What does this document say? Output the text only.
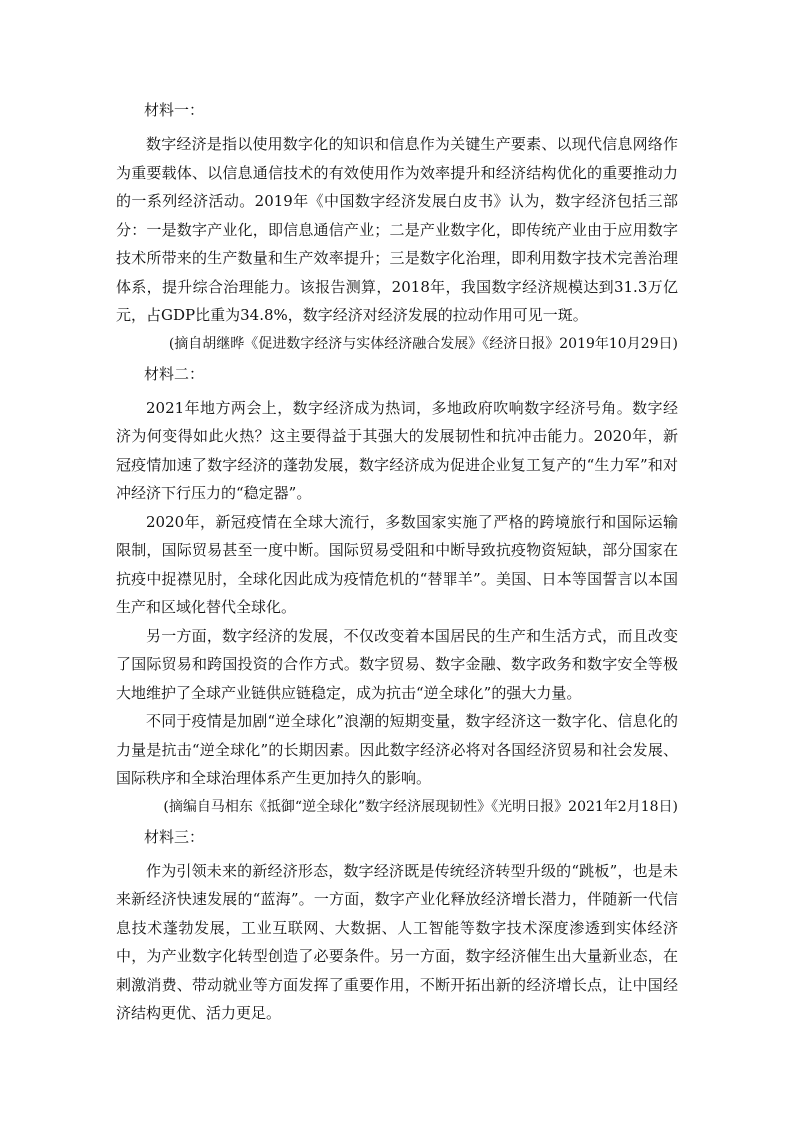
材料一：

数字经济是指以使用数字化的知识和信息作为关键生产要素、以现代信息网络作为重要载体、以信息通信技术的有效使用作为效率提升和经济结构优化的重要推动力的一系列经济活动。2019年《中国数字经济发展白皮书》认为，数字经济包括三部分：一是数字产业化，即信息通信产业；二是产业数字化，即传统产业由于应用数字技术所带来的生产数量和生产效率提升；三是数字化治理，即利用数字技术完善治理体系，提升综合治理能力。该报告测算，2018年，我国数字经济规模达到31.3万亿元，占GDP比重为34.8%，数字经济对经济发展的拉动作用可见一斑。

(摘自胡继晔《促进数字经济与实体经济融合发展》《经济日报》2019年10月29日)

材料二：

2021年地方两会上，数字经济成为热词，多地政府吹响数字经济号角。数字经济为何变得如此火热？这主要得益于其强大的发展韧性和抗冲击能力。2020年，新冠疫情加速了数字经济的蓬勃发展，数字经济成为促进企业复工复产的“生力军”和对冲经济下行压力的“稳定器”。

2020年，新冠疫情在全球大流行，多数国家实施了严格的跨境旅行和国际运输限制，国际贸易甚至一度中断。国际贸易受阻和中断导致抗疫物资短缺，部分国家在抗疫中捉襟见肘，全球化因此成为疫情危机的“替罪羊”。美国、日本等国誓言以本国生产和区域化替代全球化。

另一方面，数字经济的发展，不仅改变着本国居民的生产和生活方式，而且改变了国际贸易和跨国投资的合作方式。数字贸易、数字金融、数字政务和数字安全等极大地维护了全球产业链供应链稳定，成为抗击“逆全球化”的强大力量。

不同于疫情是加剧“逆全球化”浪潮的短期变量，数字经济这一数字化、信息化的力量是抗击“逆全球化”的长期因素。因此数字经济必将对各国经济贸易和社会发展、国际秩序和全球治理体系产生更加持久的影响。

(摘编自马相东《抵御“逆全球化”数字经济展现韧性》《光明日报》2021年2月18日)

材料三：

作为引领未来的新经济形态，数字经济既是传统经济转型升级的“跳板”，也是未来新经济快速发展的“蓝海”。一方面，数字产业化释放经济增长潜力，伴随新一代信息技术蓬勃发展，工业互联网、大数据、人工智能等数字技术深度渗透到实体经济中，为产业数字化转型创造了必要条件。另一方面，数字经济催生出大量新业态，在刺激消费、带动就业等方面发挥了重要作用，不断开拓出新的经济增长点，让中国经济结构更优、活力更足。
